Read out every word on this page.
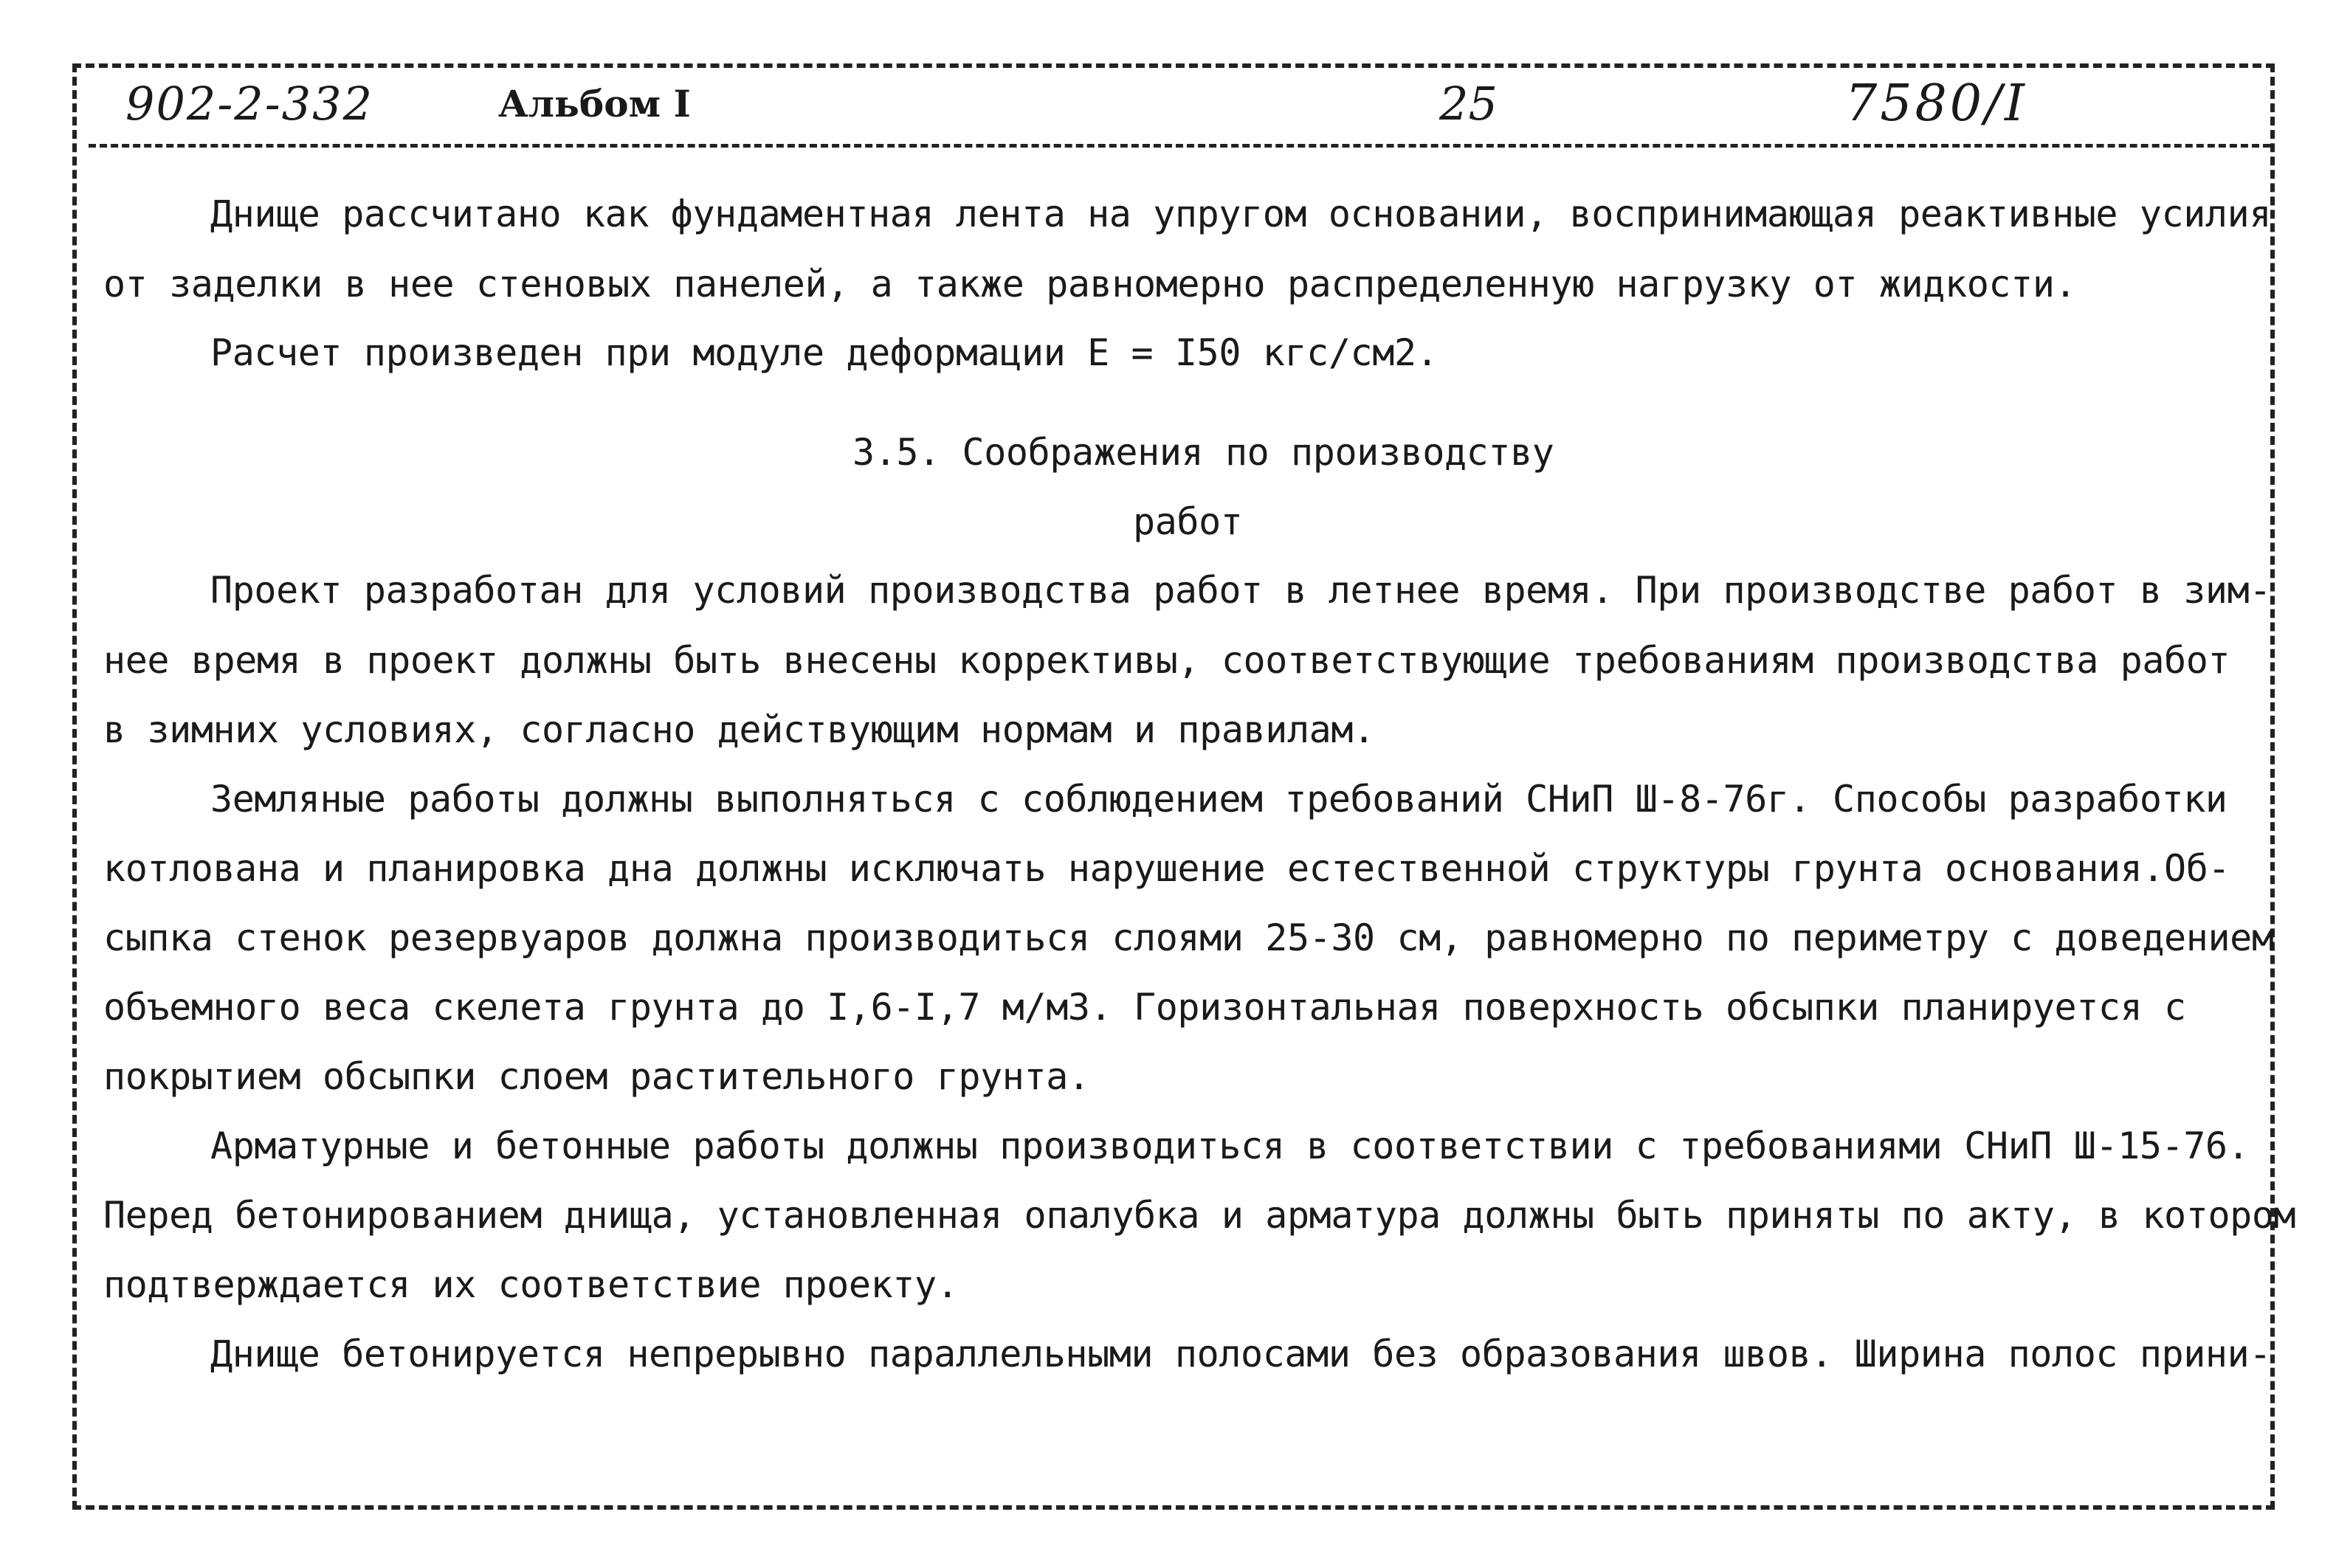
902-2-332	Альбом I	25	7580/I
Днище рассчитано как фундаментная лента на упругом основании, воспринимающая реактивные усилия
от заделки в нее стеновых панелей, а также равномерно распределенную нагрузку от жидкости.
Расчет произведен при модуле деформации E = I50 кгс/см2.
3.5. Соображения по производству
работ
Проект разработан для условий производства работ в летнее время. При производстве работ в зим-
нее время в проект должны быть внесены коррективы, соответствующие требованиям производства работ
в зимних условиях, согласно действующим нормам и правилам.
Земляные работы должны выполняться с соблюдением требований СНиП Ш-8-76г. Способы разработки
котлована и планировка дна должны исключать нарушение естественной структуры грунта основания.Об-
сыпка стенок резервуаров должна производиться слоями 25-30 см, равномерно по периметру с доведением
объемного веса скелета грунта до I,6-I,7 м/м3. Горизонтальная поверхность обсыпки планируется с
покрытием обсыпки слоем растительного грунта.
Арматурные и бетонные работы должны производиться в соответствии с требованиями СНиП Ш-15-76.
Перед бетонированием днища, установленная опалубка и арматура должны быть приняты по акту, в котором
подтверждается их соответствие проекту.
Днище бетонируется непрерывно параллельными полосами без образования швов. Ширина полос прини-
